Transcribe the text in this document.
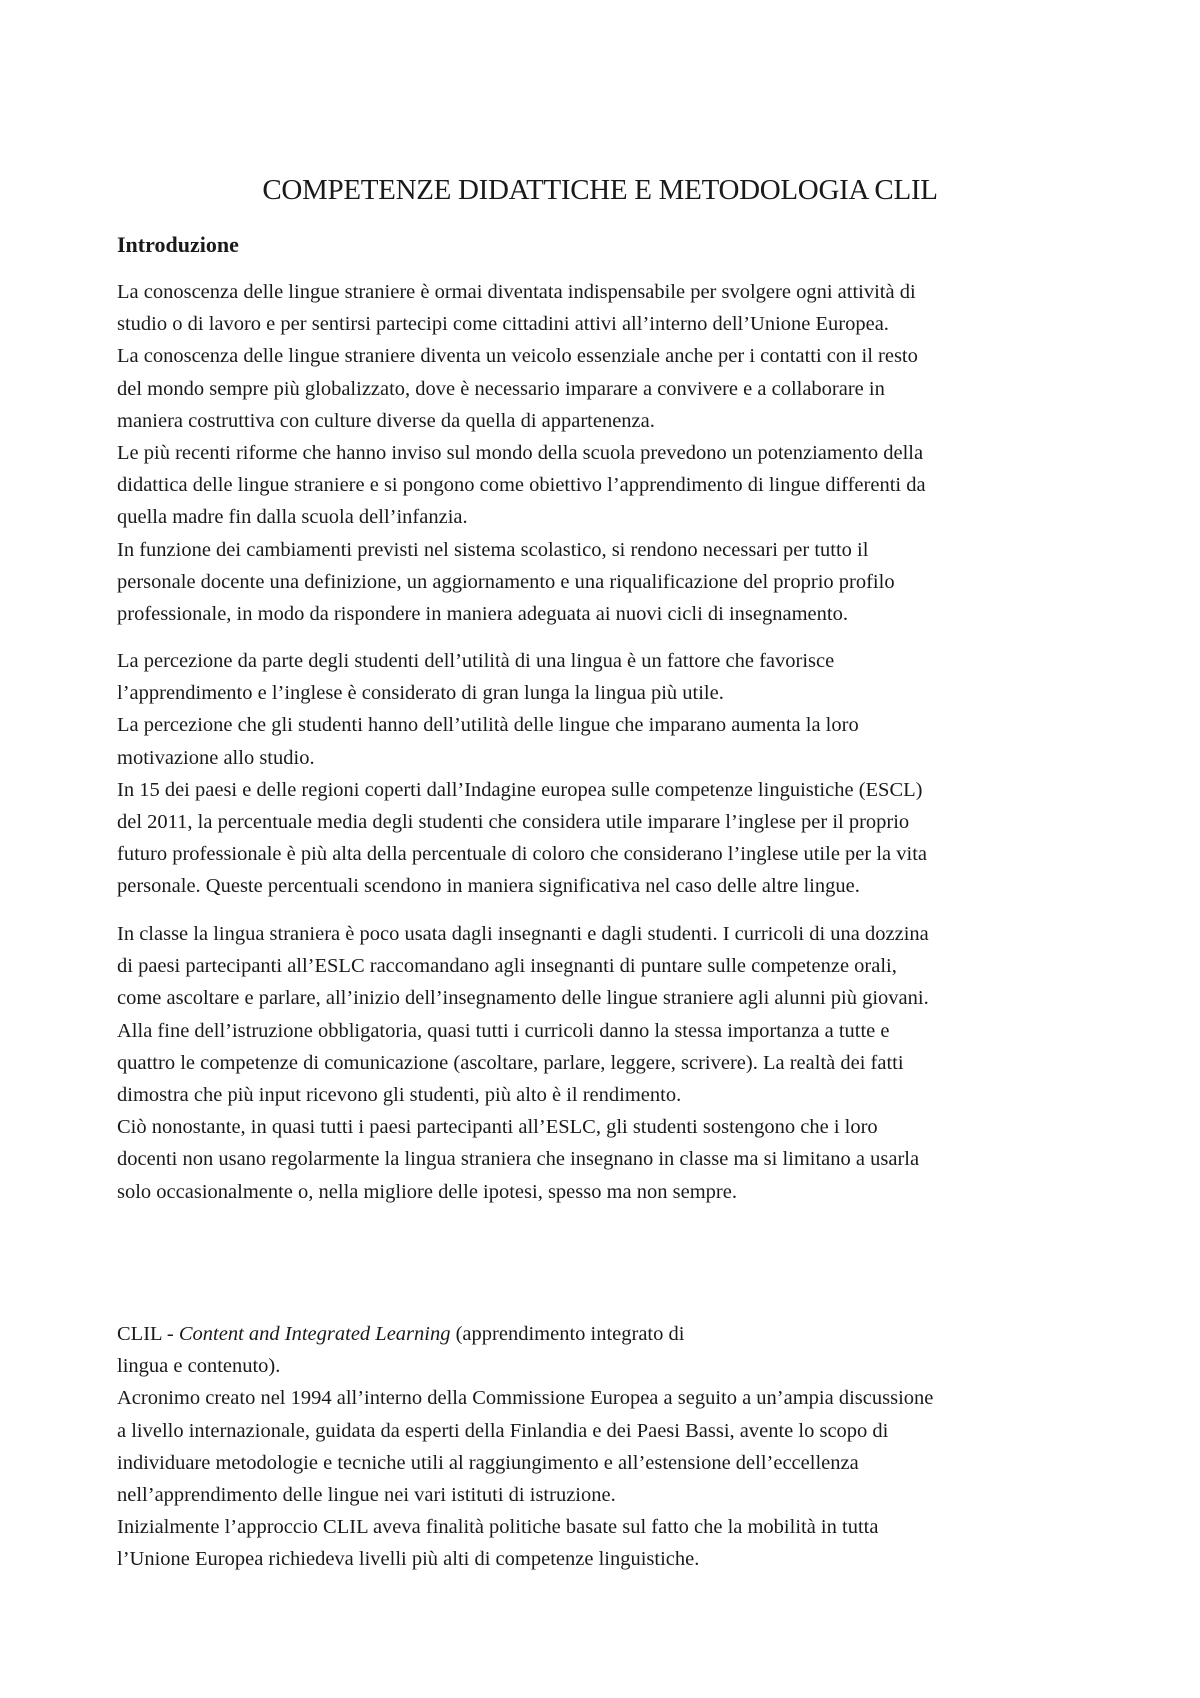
COMPETENZE DIDATTICHE E METODOLOGIA CLIL
Introduzione
La conoscenza delle lingue straniere è ormai diventata indispensabile per svolgere ogni attività di
studio o di lavoro e per sentirsi partecipi come cittadini attivi all’interno dell’Unione Europea.
La conoscenza delle lingue straniere diventa un veicolo essenziale anche per i contatti con il resto
del mondo sempre più globalizzato, dove è necessario imparare a convivere e a collaborare in
maniera costruttiva con culture diverse da quella di appartenenza.
Le più recenti riforme che hanno inviso sul mondo della scuola prevedono un potenziamento della
didattica delle lingue straniere e si pongono come obiettivo l’apprendimento di lingue differenti da
quella madre fin dalla scuola dell’infanzia.
In funzione dei cambiamenti previsti nel sistema scolastico, si rendono necessari per tutto il
personale docente una definizione, un aggiornamento e una riqualificazione del proprio profilo
professionale, in modo da rispondere in maniera adeguata ai nuovi cicli di insegnamento.
La percezione da parte degli studenti dell’utilità di una lingua è un fattore che favorisce
l’apprendimento e l’inglese è considerato di gran lunga la lingua più utile.
La percezione che gli studenti hanno dell’utilità delle lingue che imparano aumenta la loro
motivazione allo studio.
In 15 dei paesi e delle regioni coperti dall’Indagine europea sulle competenze linguistiche (ESCL)
del 2011, la percentuale media degli studenti che considera utile imparare l’inglese per il proprio
futuro professionale è più alta della percentuale di coloro che considerano l’inglese utile per la vita
personale. Queste percentuali scendono in maniera significativa nel caso delle altre lingue.
In classe la lingua straniera è poco usata dagli insegnanti e dagli studenti. I curricoli di una dozzina
di paesi partecipanti all’ESLC raccomandano agli insegnanti di puntare sulle competenze orali,
come ascoltare e parlare, all’inizio dell’insegnamento delle lingue straniere agli alunni più giovani.
Alla fine dell’istruzione obbligatoria, quasi tutti i curricoli danno la stessa importanza a tutte e
quattro le competenze di comunicazione (ascoltare, parlare, leggere, scrivere). La realtà dei fatti
dimostra che più input ricevono gli studenti, più alto è il rendimento.
Ciò nonostante, in quasi tutti i paesi partecipanti all’ESLC, gli studenti sostengono che i loro
docenti non usano regolarmente la lingua straniera che insegnano in classe ma si limitano a usarla
solo occasionalmente o, nella migliore delle ipotesi, spesso ma non sempre.
CLIL - Content and Integrated Learning (apprendimento integrato di
lingua e contenuto).
Acronimo creato nel 1994 all’interno della Commissione Europea a seguito a un’ampia discussione
a livello internazionale, guidata da esperti della Finlandia e dei Paesi Bassi, avente lo scopo di
individuare metodologie e tecniche utili al raggiungimento e all’estensione dell’eccellenza
nell’apprendimento delle lingue nei vari istituti di istruzione.
Inizialmente l’approccio CLIL aveva finalità politiche basate sul fatto che la mobilità in tutta
l’Unione Europea richiedeva livelli più alti di competenze linguistiche.
